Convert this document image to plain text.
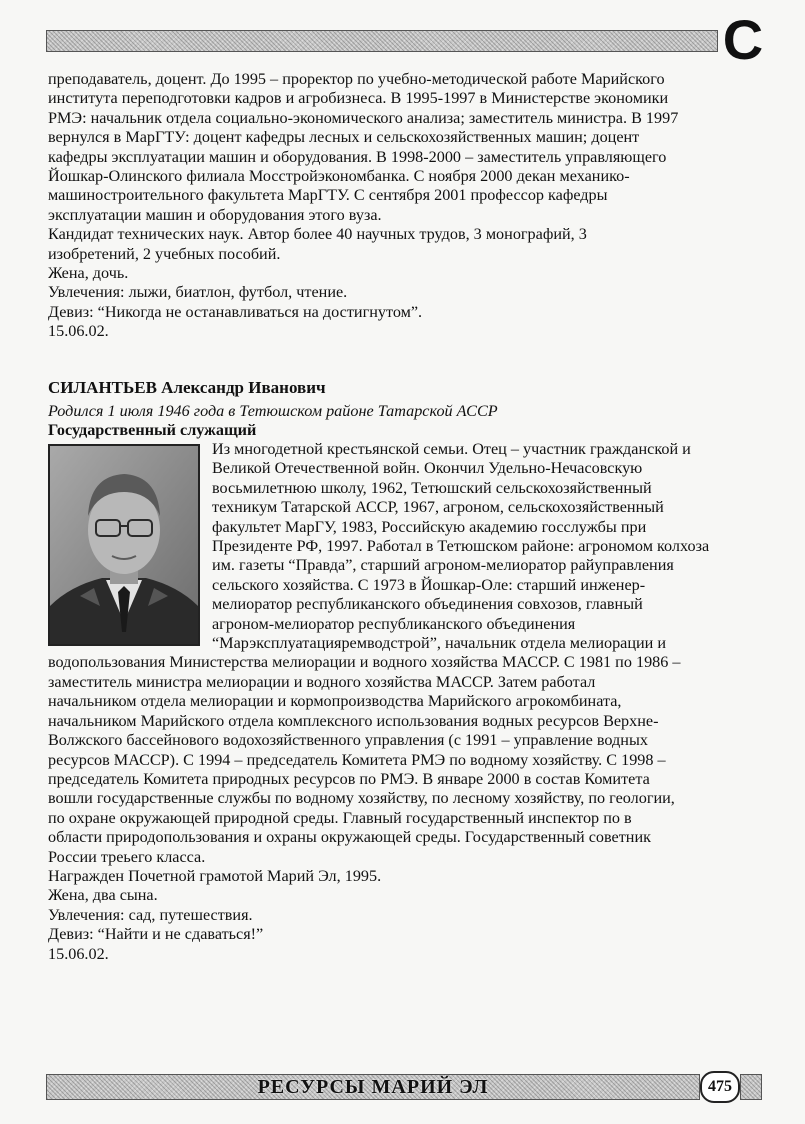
С

преподаватель, доцент. До 1995 – проректор по учебно-методической работе Марийского

института переподготовки кадров и агробизнеса. В 1995-1997 в Министерстве экономики

РМЭ: начальник отдела социально-экономического анализа; заместитель министра. В 1997

вернулся в МарГТУ: доцент кафедры лесных и сельскохозяйственных машин; доцент

кафедры эксплуатации машин и оборудования. В 1998-2000 – заместитель управляющего

Йошкар-Олинского филиала Мосстройэкономбанка. С ноября 2000 декан механико-

машиностроительного факультета МарГТУ. С сентября 2001 профессор кафедры

эксплуатации машин и оборудования этого вуза.

Кандидат технических наук. Автор более 40 научных трудов, 3 монографий, 3

изобретений, 2 учебных пособий.

Жена, дочь.

Увлечения: лыжи, биатлон, футбол, чтение.

Девиз: “Никогда не останавливаться на достигнутом”.

15.06.02.

СИЛАНТЬЕВ Александр Иванович

Родился 1 июля 1946 года в Тетюшском районе Татарской АССР

Государственный служащий

Из многодетной крестьянской семьи. Отец – участник гражданской и

Великой Отечественной войн. Окончил Удельно-Нечасовскую

восьмилетнюю школу, 1962, Тетюшский сельскохозяйственный

техникум Татарской АССР, 1967, агроном, сельскохозяйственный

факультет МарГУ, 1983, Российскую академию госслужбы при

Президенте РФ, 1997. Работал в Тетюшском районе: агрономом колхоза

им. газеты “Правда”, старший агроном-мелиоратор райуправления

сельского хозяйства. С 1973 в Йошкар-Оле: старший инженер-

мелиоратор республиканского объединения совхозов, главный

агроном-мелиоратор республиканского объединения

“Марэксплуатацияремводстрой”, начальник отдела мелиорации и

водопользования Министерства мелиорации и водного хозяйства МАССР. С 1981 по 1986 –

заместитель министра мелиорации и водного хозяйства МАССР. Затем работал

начальником отдела мелиорации и кормопроизводства Марийского агрокомбината,

начальником Марийского отдела комплексного использования водных ресурсов Верхне-

Волжского бассейнового водохозяйственного управления (с 1991 – управление водных

ресурсов МАССР). С 1994 – председатель Комитета РМЭ по водному хозяйству. С 1998 –

председатель Комитета природных ресурсов по РМЭ. В январе 2000 в состав Комитета

вошли государственные службы по водному хозяйству, по лесному хозяйству, по геологии,

по охране окружающей природной среды. Главный государственный инспектор по в

области природопользования и охраны окружающей среды. Государственный советник

России треьего класса.

Награжден Почетной грамотой Марий Эл, 1995.

Жена, два сына.

Увлечения: сад, путешествия.

Девиз: “Найти и не сдаваться!”

15.06.02.

РЕСУРСЫ МАРИЙ ЭЛ	475
